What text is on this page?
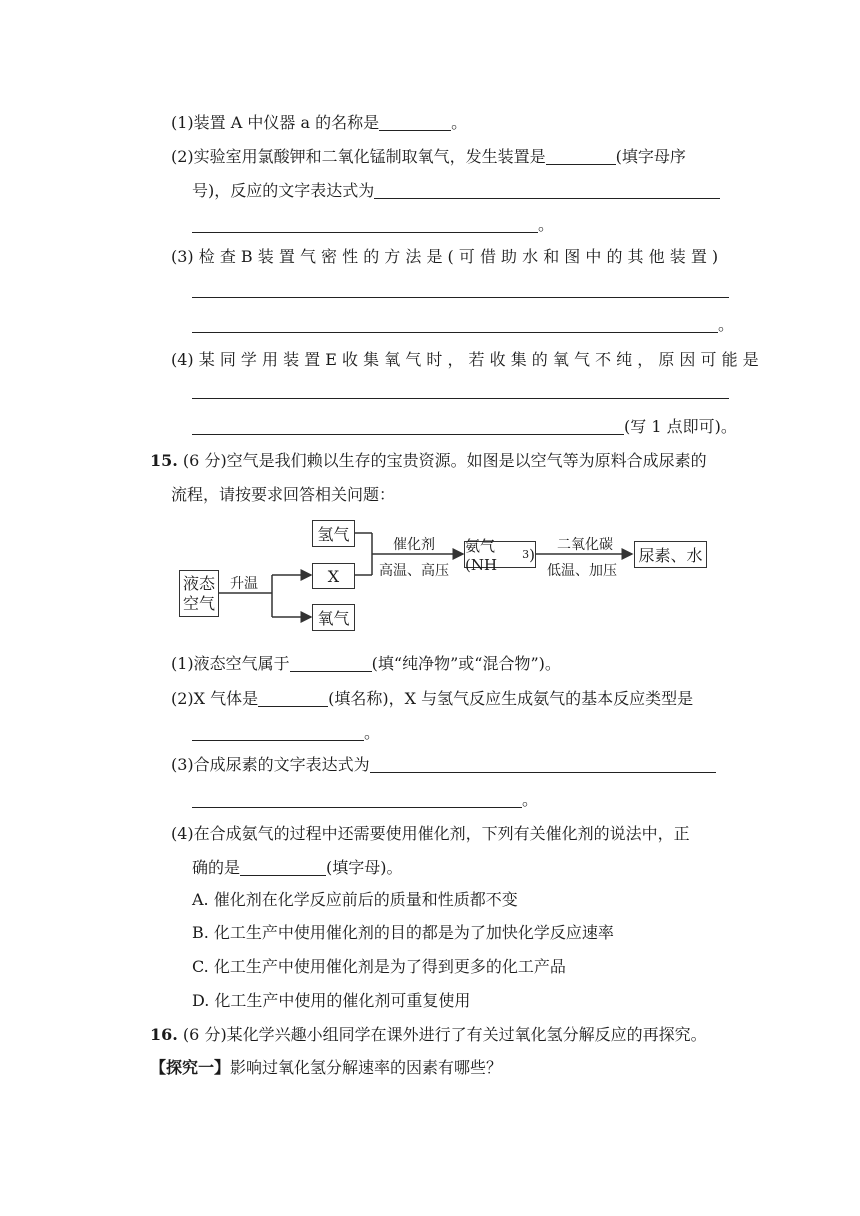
(1)装置 A 中仪器 a 的名称是	。
(2)实验室用氯酸钾和二氧化锰制取氧气，发生装置是	(填字母序
号)，反应的文字表达式为
。
(3) 检 查 B 装 置 气 密 性 的 方 法 是 ( 可 借 助 水 和 图 中 的 其 他 装 置 )
。
(4) 某 同 学 用 装 置 E 收 集 氧 气 时 ， 若 收 集 的 氧 气 不 纯 ， 原 因 可 能 是
(写 1 点即可)。
15. (6 分)空气是我们赖以生存的宝贵资源。如图是以空气等为原料合成尿素的
流程，请按要求回答相关问题：
液态
空气
升温
氢气
X
氧气
催化剂
高温、高压
氨气(NH
3 )
二氧化碳
低温、加压
尿素、水
(1)液态空气属于	(填“纯净物”或“混合物”)。
(2)X 气体是	(填名称)，X 与氢气反应生成氨气的基本反应类型是
。
(3)合成尿素的文字表达式为
。
(4)在合成氨气的过程中还需要使用催化剂，下列有关催化剂的说法中，正
确的是	(填字母)。
A. 催化剂在化学反应前后的质量和性质都不变
B. 化工生产中使用催化剂的目的都是为了加快化学反应速率
C. 化工生产中使用催化剂是为了得到更多的化工产品
D. 化工生产中使用的催化剂可重复使用
16. (6 分)某化学兴趣小组同学在课外进行了有关过氧化氢分解反应的再探究。
【探究一】影响过氧化氢分解速率的因素有哪些？
